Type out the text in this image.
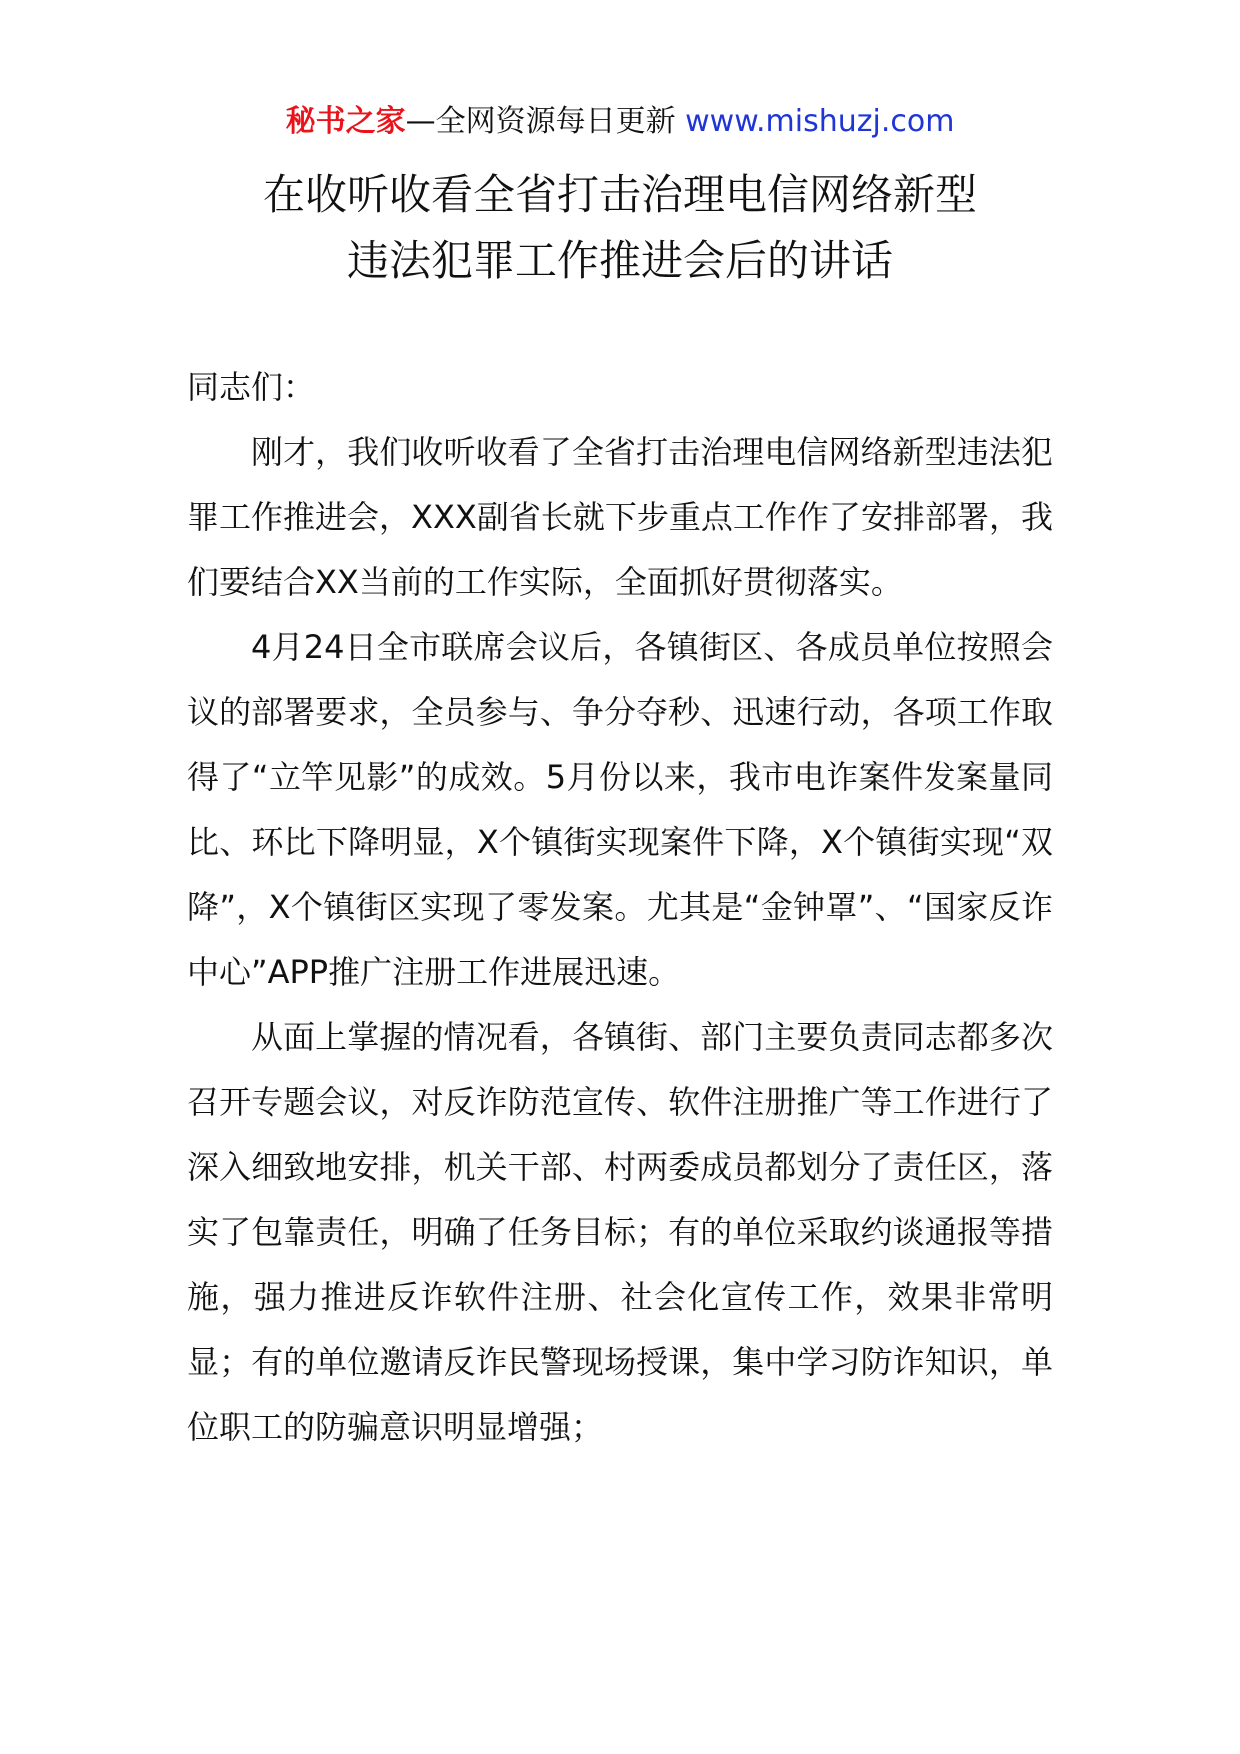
秘书之家—全网资源每日更新 www.mishuzj.com
在收听收看全省打击治理电信网络新型
违法犯罪工作推进会后的讲话

同志们：

刚才，我们收听收看了全省打击治理电信网络新型违法犯罪工作推进会，XXX副省长就下步重点工作作了安排部署，我们要结合XX当前的工作实际，全面抓好贯彻落实。

4月24日全市联席会议后，各镇街区、各成员单位按照会议的部署要求，全员参与、争分夺秒、迅速行动，各项工作取得了“立竿见影”的成效。5月份以来，我市电诈案件发案量同比、环比下降明显，X个镇街实现案件下降，X个镇街实现“双降”，X个镇街区实现了零发案。尤其是“金钟罩”、“国家反诈中心”APP推广注册工作进展迅速。

从面上掌握的情况看，各镇街、部门主要负责同志都多次召开专题会议，对反诈防范宣传、软件注册推广等工作进行了深入细致地安排，机关干部、村两委成员都划分了责任区，落实了包靠责任，明确了任务目标；有的单位采取约谈通报等措施，强力推进反诈软件注册、社会化宣传工作，效果非常明显；有的单位邀请反诈民警现场授课，集中学习防诈知识，单位职工的防骗意识明显增强；
